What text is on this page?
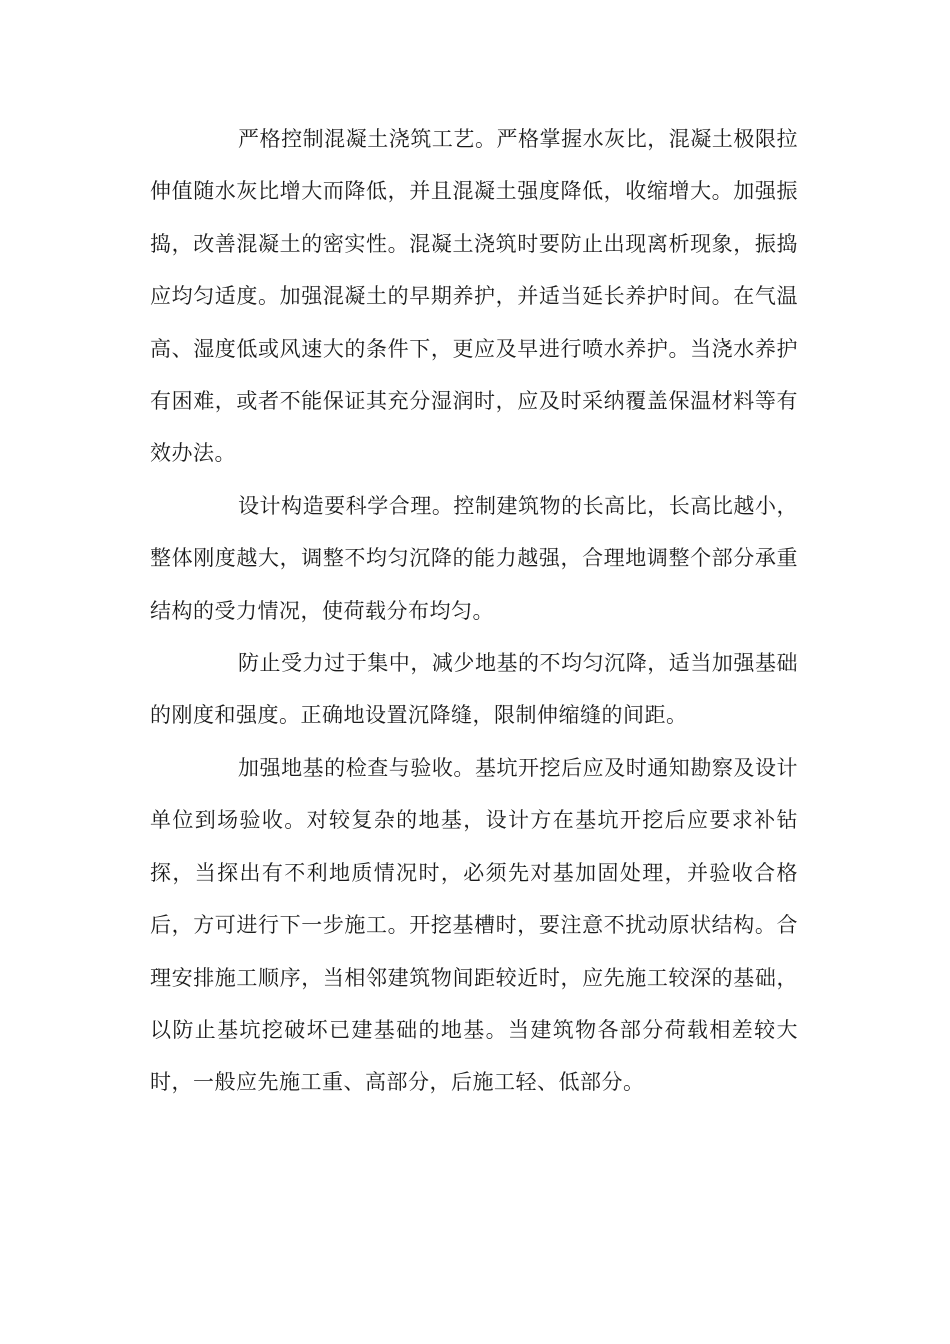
严格控制混凝土浇筑工艺。严格掌握水灰比，混凝土极限拉伸值随水灰比增大而降低，并且混凝土强度降低，收缩增大。加强振捣，改善混凝土的密实性。混凝土浇筑时要防止出现离析现象，振捣应均匀适度。加强混凝土的早期养护，并适当延长养护时间。在气温高、湿度低或风速大的条件下，更应及早进行喷水养护。当浇水养护有困难，或者不能保证其充分湿润时，应及时采纳覆盖保温材料等有效办法。

设计构造要科学合理。控制建筑物的长高比，长高比越小，整体刚度越大，调整不均匀沉降的能力越强，合理地调整个部分承重结构的受力情况，使荷载分布均匀。

防止受力过于集中，减少地基的不均匀沉降，适当加强基础的刚度和强度。正确地设置沉降缝，限制伸缩缝的间距。

加强地基的检查与验收。基坑开挖后应及时通知勘察及设计单位到场验收。对较复杂的地基，设计方在基坑开挖后应要求补钻探，当探出有不利地质情况时，必须先对基加固处理，并验收合格后，方可进行下一步施工。开挖基槽时，要注意不扰动原状结构。合理安排施工顺序，当相邻建筑物间距较近时，应先施工较深的基础，以防止基坑挖破坏已建基础的地基。当建筑物各部分荷载相差较大时，一般应先施工重、高部分，后施工轻、低部分。
